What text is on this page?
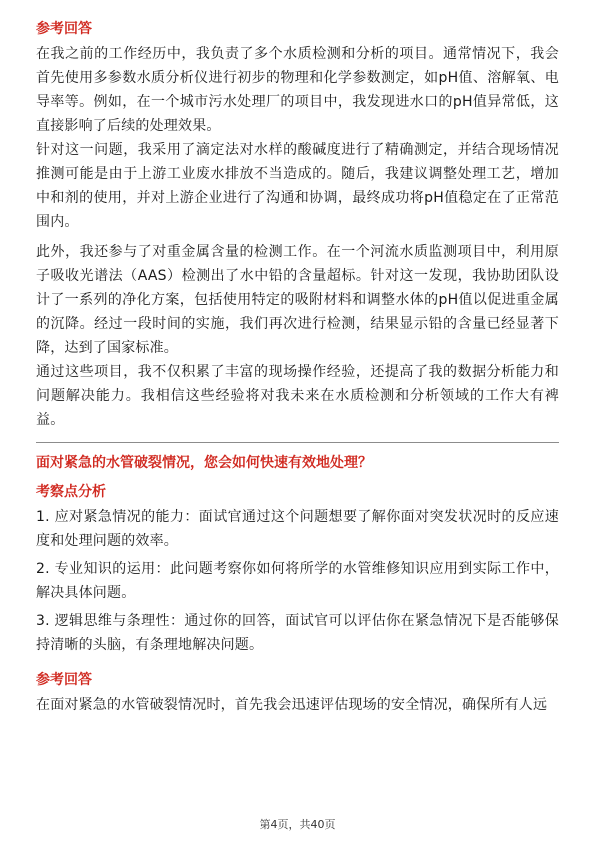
参考回答

在我之前的工作经历中，我负责了多个水质检测和分析的项目。通常情况下，我会首先使用多参数水质分析仪进行初步的物理和化学参数测定，如pH值、溶解氧、电导率等。例如，在一个城市污水处理厂的项目中，我发现进水口的pH值异常低，这直接影响了后续的处理效果。

针对这一问题，我采用了滴定法对水样的酸碱度进行了精确测定，并结合现场情况推测可能是由于上游工业废水排放不当造成的。随后，我建议调整处理工艺，增加中和剂的使用，并对上游企业进行了沟通和协调，最终成功将pH值稳定在了正常范围内。

此外，我还参与了对重金属含量的检测工作。在一个河流水质监测项目中，利用原子吸收光谱法（AAS）检测出了水中铅的含量超标。针对这一发现，我协助团队设计了一系列的净化方案，包括使用特定的吸附材料和调整水体的pH值以促进重金属的沉降。经过一段时间的实施，我们再次进行检测，结果显示铅的含量已经显著下降，达到了国家标准。

通过这些项目，我不仅积累了丰富的现场操作经验，还提高了我的数据分析能力和问题解决能力。我相信这些经验将对我未来在水质检测和分析领域的工作大有裨益。

面对紧急的水管破裂情况，您会如何快速有效地处理？
考察点分析

1. 应对紧急情况的能力：面试官通过这个问题想要了解你面对突发状况时的反应速度和处理问题的效率。

2. 专业知识的运用：此问题考察你如何将所学的水管维修知识应用到实际工作中，解决具体问题。

3. 逻辑思维与条理性：通过你的回答，面试官可以评估你在紧急情况下是否能够保持清晰的头脑，有条理地解决问题。

参考回答

在面对紧急的水管破裂情况时，首先我会迅速评估现场的安全情况，确保所有人远

第4页，共40页
